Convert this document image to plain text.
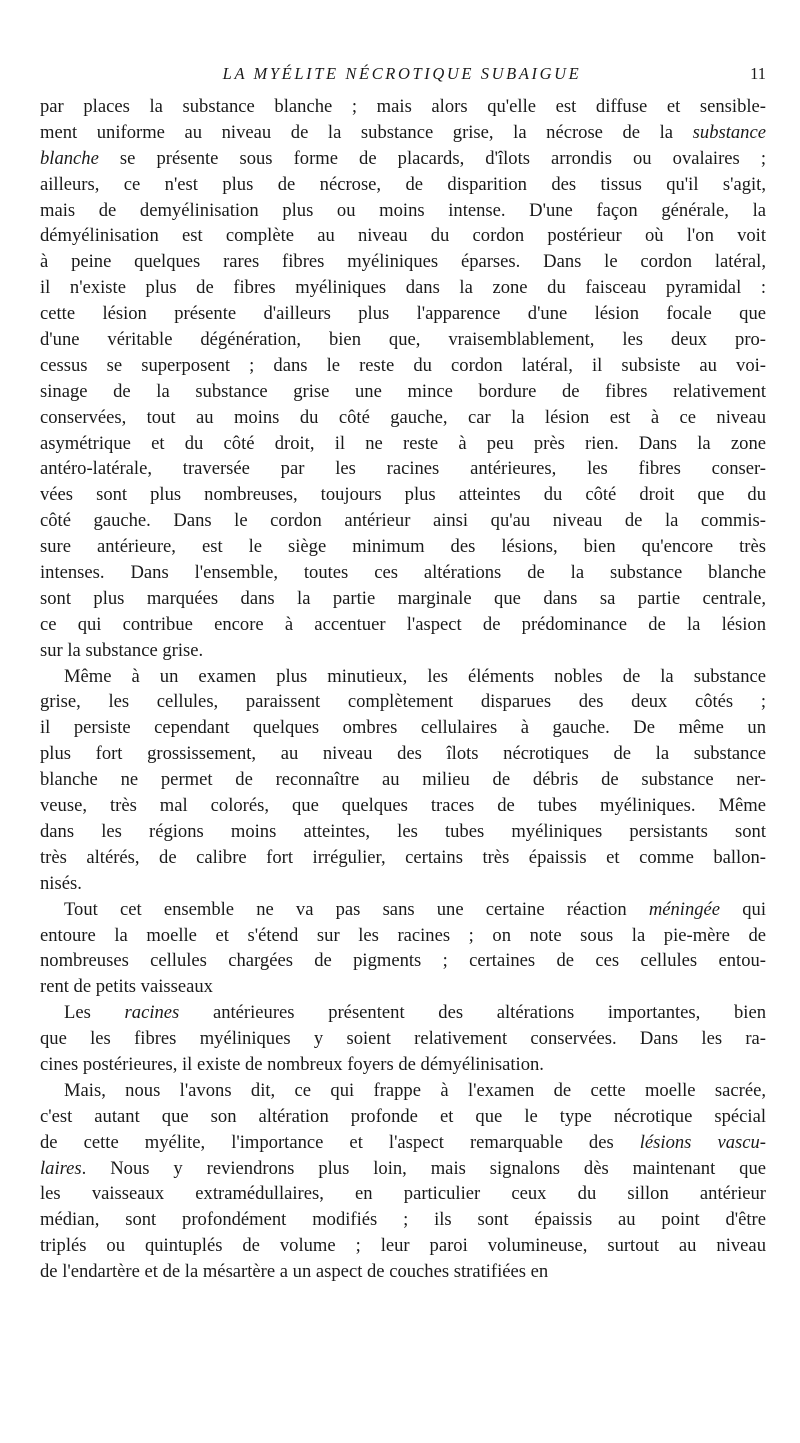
LA MYÉLITE NÉCROTIQUE SUBAIGUE	11
par places la substance blanche ; mais alors qu'elle est diffuse et sensible-
ment uniforme au niveau de la substance grise, la nécrose de la substance
blanche se présente sous forme de placards, d'îlots arrondis ou ovalaires ;
ailleurs, ce n'est plus de nécrose, de disparition des tissus qu'il s'agit,
mais de demyélinisation plus ou moins intense. D'une façon générale, la
démyélinisation est complète au niveau du cordon postérieur où l'on voit
à peine quelques rares fibres myéliniques éparses. Dans le cordon latéral,
il n'existe plus de fibres myéliniques dans la zone du faisceau pyramidal :
cette lésion présente d'ailleurs plus l'apparence d'une lésion focale que
d'une véritable dégénération, bien que, vraisemblablement, les deux pro-
cessus se superposent ; dans le reste du cordon latéral, il subsiste au voi-
sinage de la substance grise une mince bordure de fibres relativement
conservées, tout au moins du côté gauche, car la lésion est à ce niveau
asymétrique et du côté droit, il ne reste à peu près rien. Dans la zone
antéro-latérale, traversée par les racines antérieures, les fibres conser-
vées sont plus nombreuses, toujours plus atteintes du côté droit que du
côté gauche. Dans le cordon antérieur ainsi qu'au niveau de la commis-
sure antérieure, est le siège minimum des lésions, bien qu'encore très
intenses. Dans l'ensemble, toutes ces altérations de la substance blanche
sont plus marquées dans la partie marginale que dans sa partie centrale,
ce qui contribue encore à accentuer l'aspect de prédominance de la lésion
sur la substance grise.
Même à un examen plus minutieux, les éléments nobles de la substance
grise, les cellules, paraissent complètement disparues des deux côtés ;
il persiste cependant quelques ombres cellulaires à gauche. De même un
plus fort grossissement, au niveau des îlots nécrotiques de la substance
blanche ne permet de reconnaître au milieu de débris de substance ner-
veuse, très mal colorés, que quelques traces de tubes myéliniques. Même
dans les régions moins atteintes, les tubes myéliniques persistants sont
très altérés, de calibre fort irrégulier, certains très épaissis et comme ballon-
nisés.
Tout cet ensemble ne va pas sans une certaine réaction méningée qui
entoure la moelle et s'étend sur les racines ; on note sous la pie-mère de
nombreuses cellules chargées de pigments ; certaines de ces cellules entou-
rent de petits vaisseaux
Les racines antérieures présentent des altérations importantes, bien
que les fibres myéliniques y soient relativement conservées. Dans les ra-
cines postérieures, il existe de nombreux foyers de démyélinisation.
Mais, nous l'avons dit, ce qui frappe à l'examen de cette moelle sacrée,
c'est autant que son altération profonde et que le type nécrotique spécial
de cette myélite, l'importance et l'aspect remarquable des lésions vascu-
laires. Nous y reviendrons plus loin, mais signalons dès maintenant que
les vaisseaux extramédullaires, en particulier ceux du sillon antérieur
médian, sont profondément modifiés ; ils sont épaissis au point d'être
triplés ou quintuplés de volume ; leur paroi volumineuse, surtout au niveau
de l'endartère et de la mésartère a un aspect de couches stratifiées en
